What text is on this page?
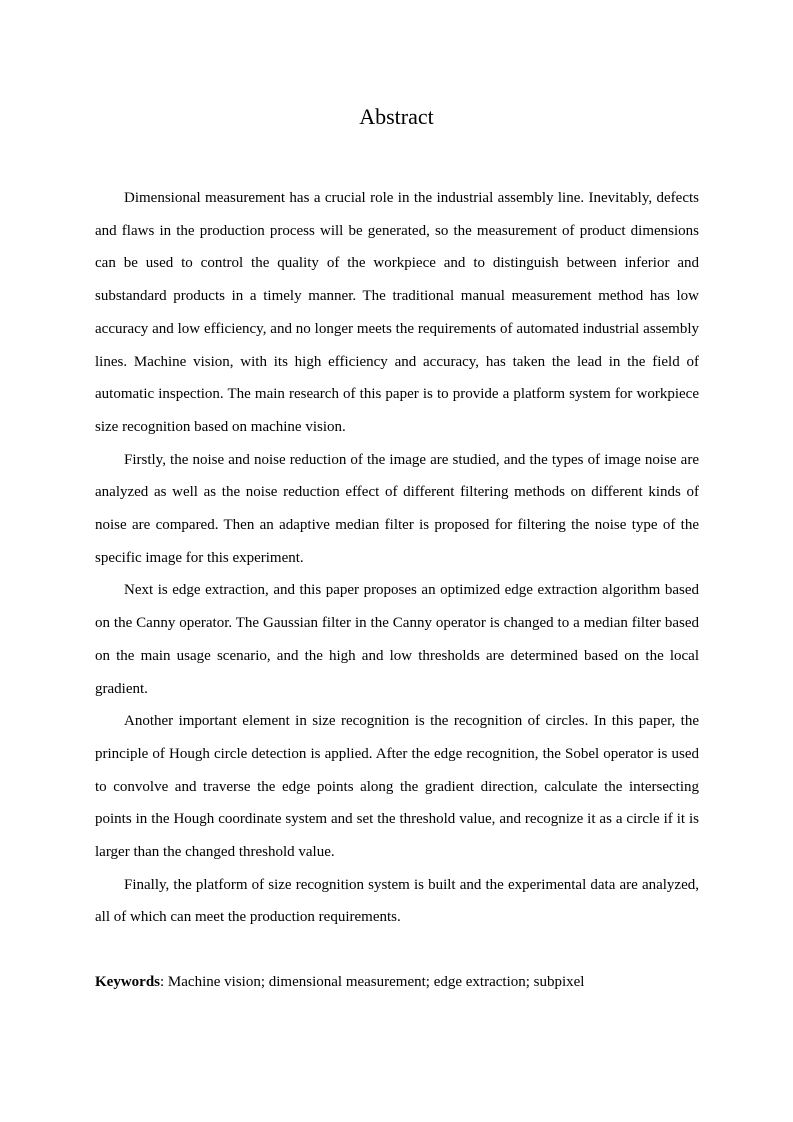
Abstract

Dimensional measurement has a crucial role in the industrial assembly line. Inevitably, defects and flaws in the production process will be generated, so the measurement of product dimensions can be used to control the quality of the workpiece and to distinguish between inferior and substandard products in a timely manner. The traditional manual measurement method has low accuracy and low efficiency, and no longer meets the requirements of automated industrial assembly lines. Machine vision, with its high efficiency and accuracy, has taken the lead in the field of automatic inspection. The main research of this paper is to provide a platform system for workpiece size recognition based on machine vision.

Firstly, the noise and noise reduction of the image are studied, and the types of image noise are analyzed as well as the noise reduction effect of different filtering methods on different kinds of noise are compared. Then an adaptive median filter is proposed for filtering the noise type of the specific image for this experiment.

Next is edge extraction, and this paper proposes an optimized edge extraction algorithm based on the Canny operator. The Gaussian filter in the Canny operator is changed to a median filter based on the main usage scenario, and the high and low thresholds are determined based on the local gradient.

Another important element in size recognition is the recognition of circles. In this paper, the principle of Hough circle detection is applied. After the edge recognition, the Sobel operator is used to convolve and traverse the edge points along the gradient direction, calculate the intersecting points in the Hough coordinate system and set the threshold value, and recognize it as a circle if it is larger than the changed threshold value.

Finally, the platform of size recognition system is built and the experimental data are analyzed, all of which can meet the production requirements.

Keywords: Machine vision; dimensional measurement; edge extraction; subpixel
